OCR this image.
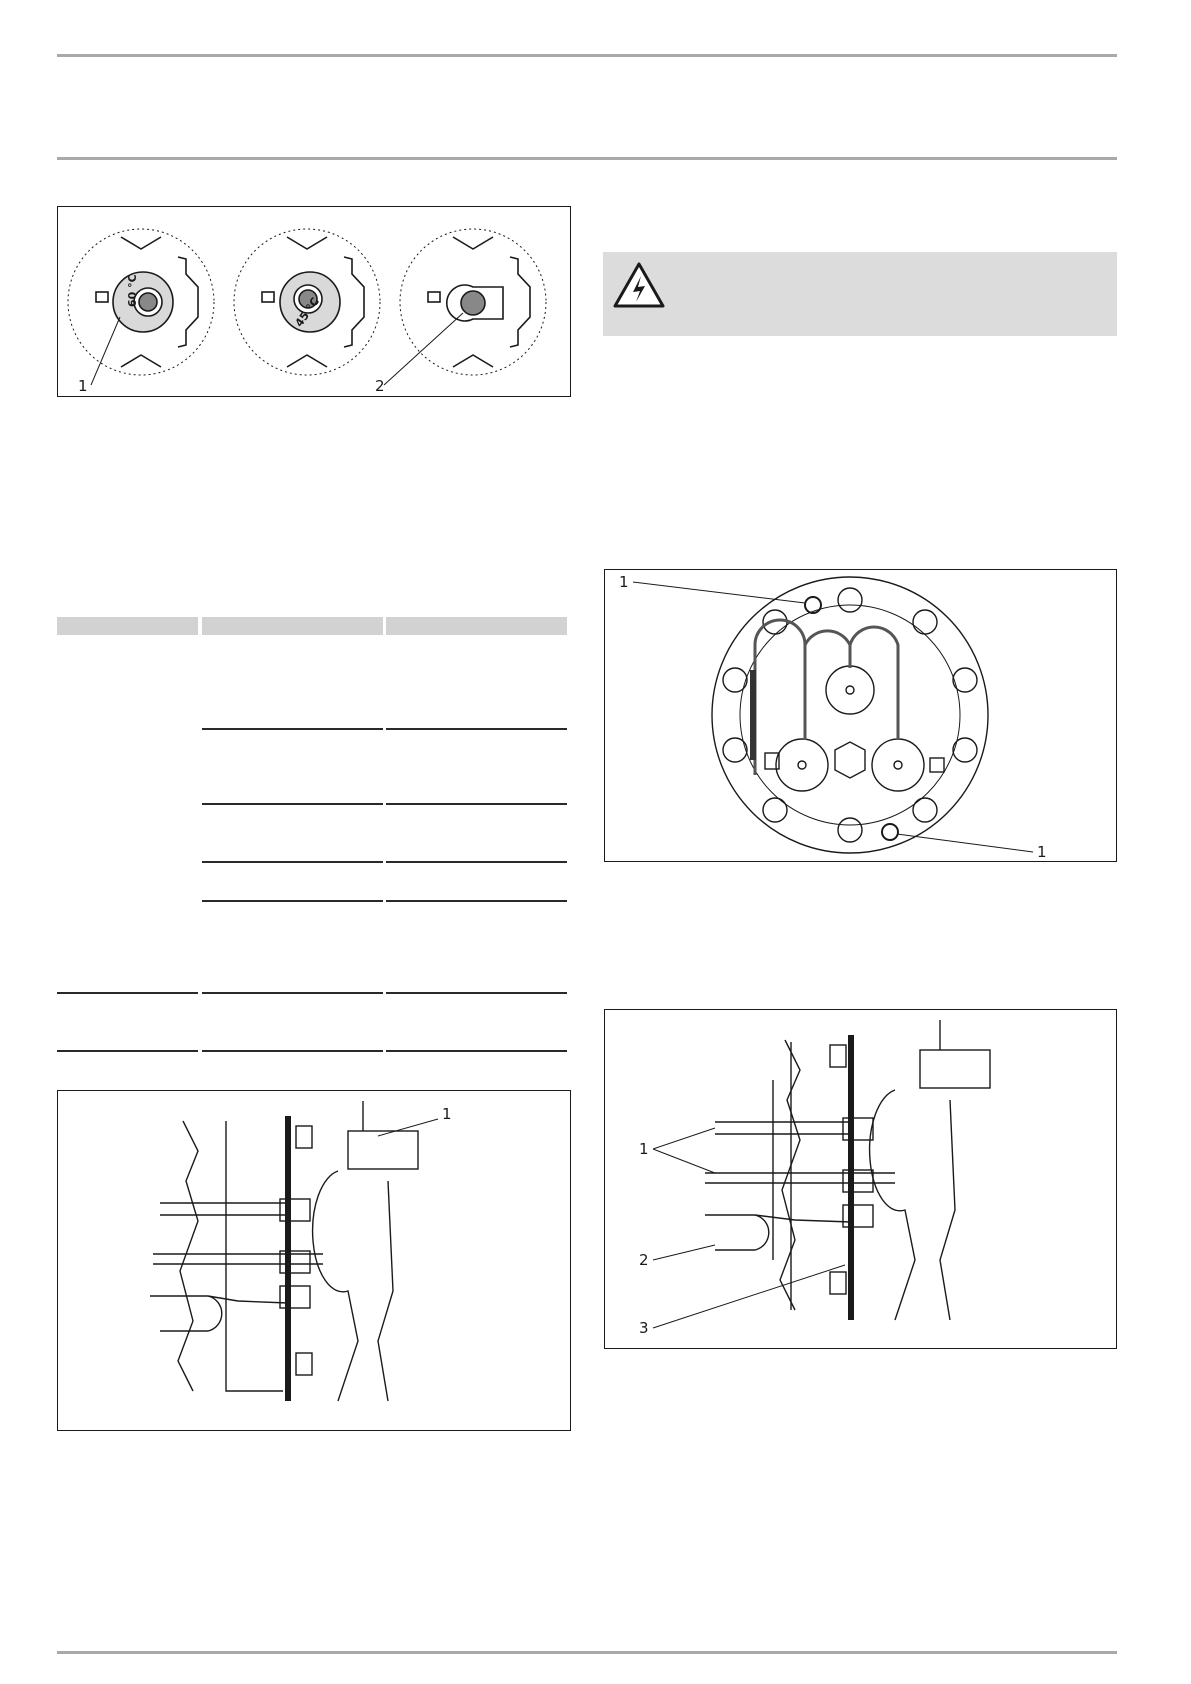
60 °C
45 °C
1	2
1
1
1
1
2
3
